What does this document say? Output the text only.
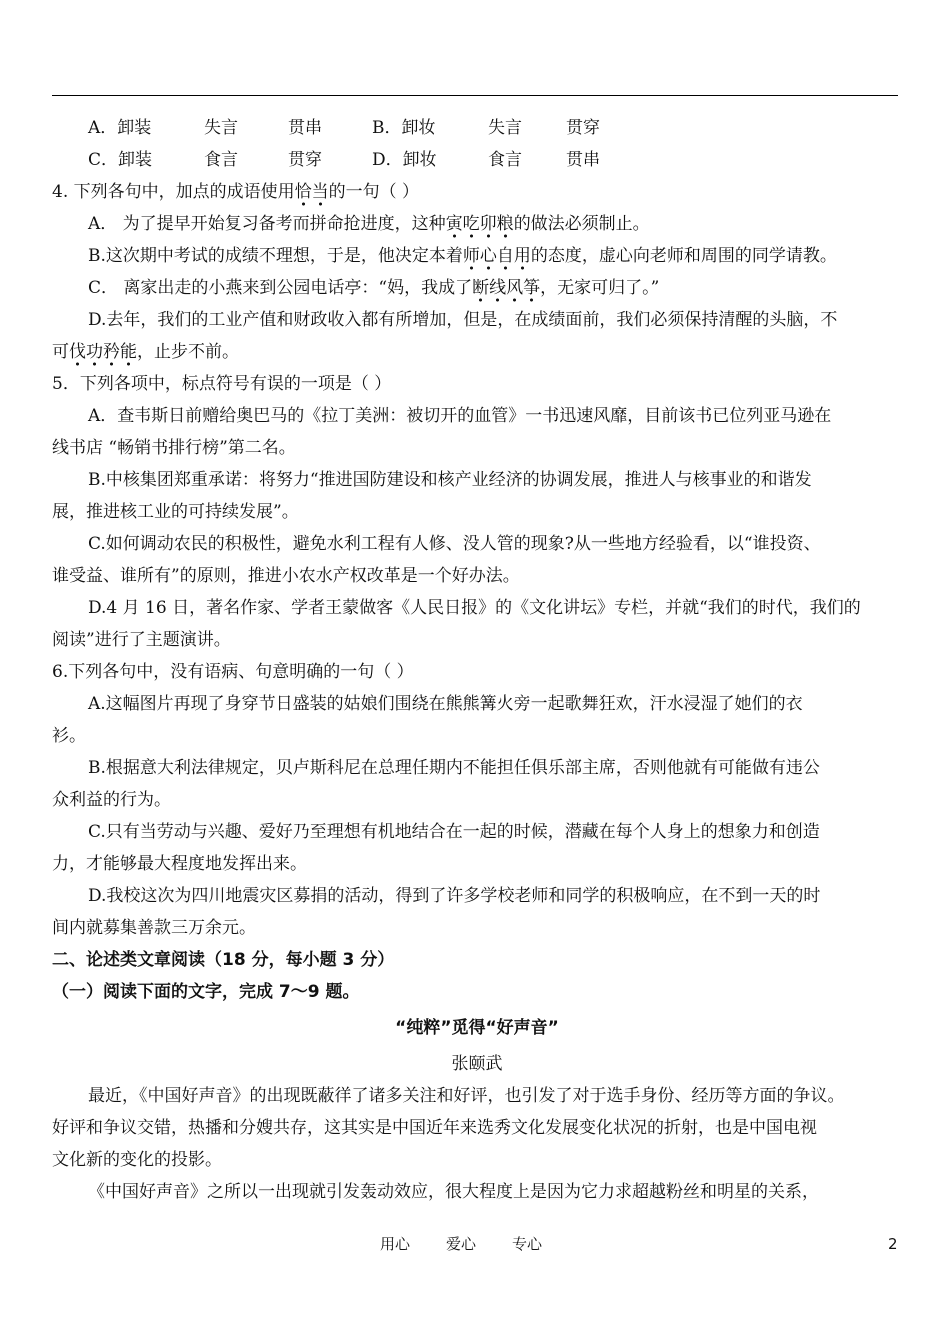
A．卸装	失言	贯串	B．卸妆	失言	贯穿
C．卸装	食言	贯穿	D．卸妆	食言	贯串
4. 下列各句中，加点的成语使用恰当的一句（ ）
A． 为了提早开始复习备考而拼命抢进度，这种寅吃卯粮的做法必须制止。
B.这次期中考试的成绩不理想，于是，他决定本着师心自用的态度，虚心向老师和周围的同学请教。
C． 离家出走的小燕来到公园电话亭：“妈，我成了断线风筝，无家可归了。”
D.去年，我们的工业产值和财政收入都有所增加，但是，在成绩面前，我们必须保持清醒的头脑，不
可伐功矜能，止步不前。
5．下列各项中，标点符号有误的一项是（ ）
A．查韦斯日前赠给奥巴马的《拉丁美洲：被切开的血管》一书迅速风靡，目前该书已位列亚马逊在
线书店 “畅销书排行榜”第二名。
B.中核集团郑重承诺：将努力“推进国防建设和核产业经济的协调发展，推进人与核事业的和谐发
展，推进核工业的可持续发展”。
C.如何调动农民的积极性，避免水利工程有人修、没人管的现象?从一些地方经验看，以“谁投资、
谁受益、谁所有”的原则，推进小农水产权改革是一个好办法。
D.4 月 16 日，著名作家、学者王蒙做客《人民日报》的《文化讲坛》专栏，并就“我们的时代，我们的
阅读”进行了主题演讲。
6.下列各句中，没有语病、句意明确的一句（ ）
A.这幅图片再现了身穿节日盛装的姑娘们围绕在熊熊篝火旁一起歌舞狂欢，汗水浸湿了她们的衣
衫。
B.根据意大利法律规定，贝卢斯科尼在总理任期内不能担任俱乐部主席，否则他就有可能做有违公
众利益的行为。
C.只有当劳动与兴趣、爱好乃至理想有机地结合在一起的时候，潜藏在每个人身上的想象力和创造
力，才能够最大程度地发挥出来。
D.我校这次为四川地震灾区募捐的活动，得到了许多学校老师和同学的积极响应，在不到一天的时
间内就募集善款三万余元。
二、论述类文章阅读（18 分，每小题 3 分）
（一）阅读下面的文字，完成 7～9 题。
“纯粹”觅得“好声音”
张颐武
最近，《中国好声音》的出现既蔽徉了诸多关注和好评，也引发了对于选手身份、经历等方面的争议。
好评和争议交错，热播和分嫂共存，这其实是中国近年来选秀文化发展变化状况的折射，也是中国电视
文化新的变化的投影。
《中国好声音》之所以一出现就引发轰动效应，很大程度上是因为它力求超越粉丝和明星的关系，
用心 爱心 专心	2
